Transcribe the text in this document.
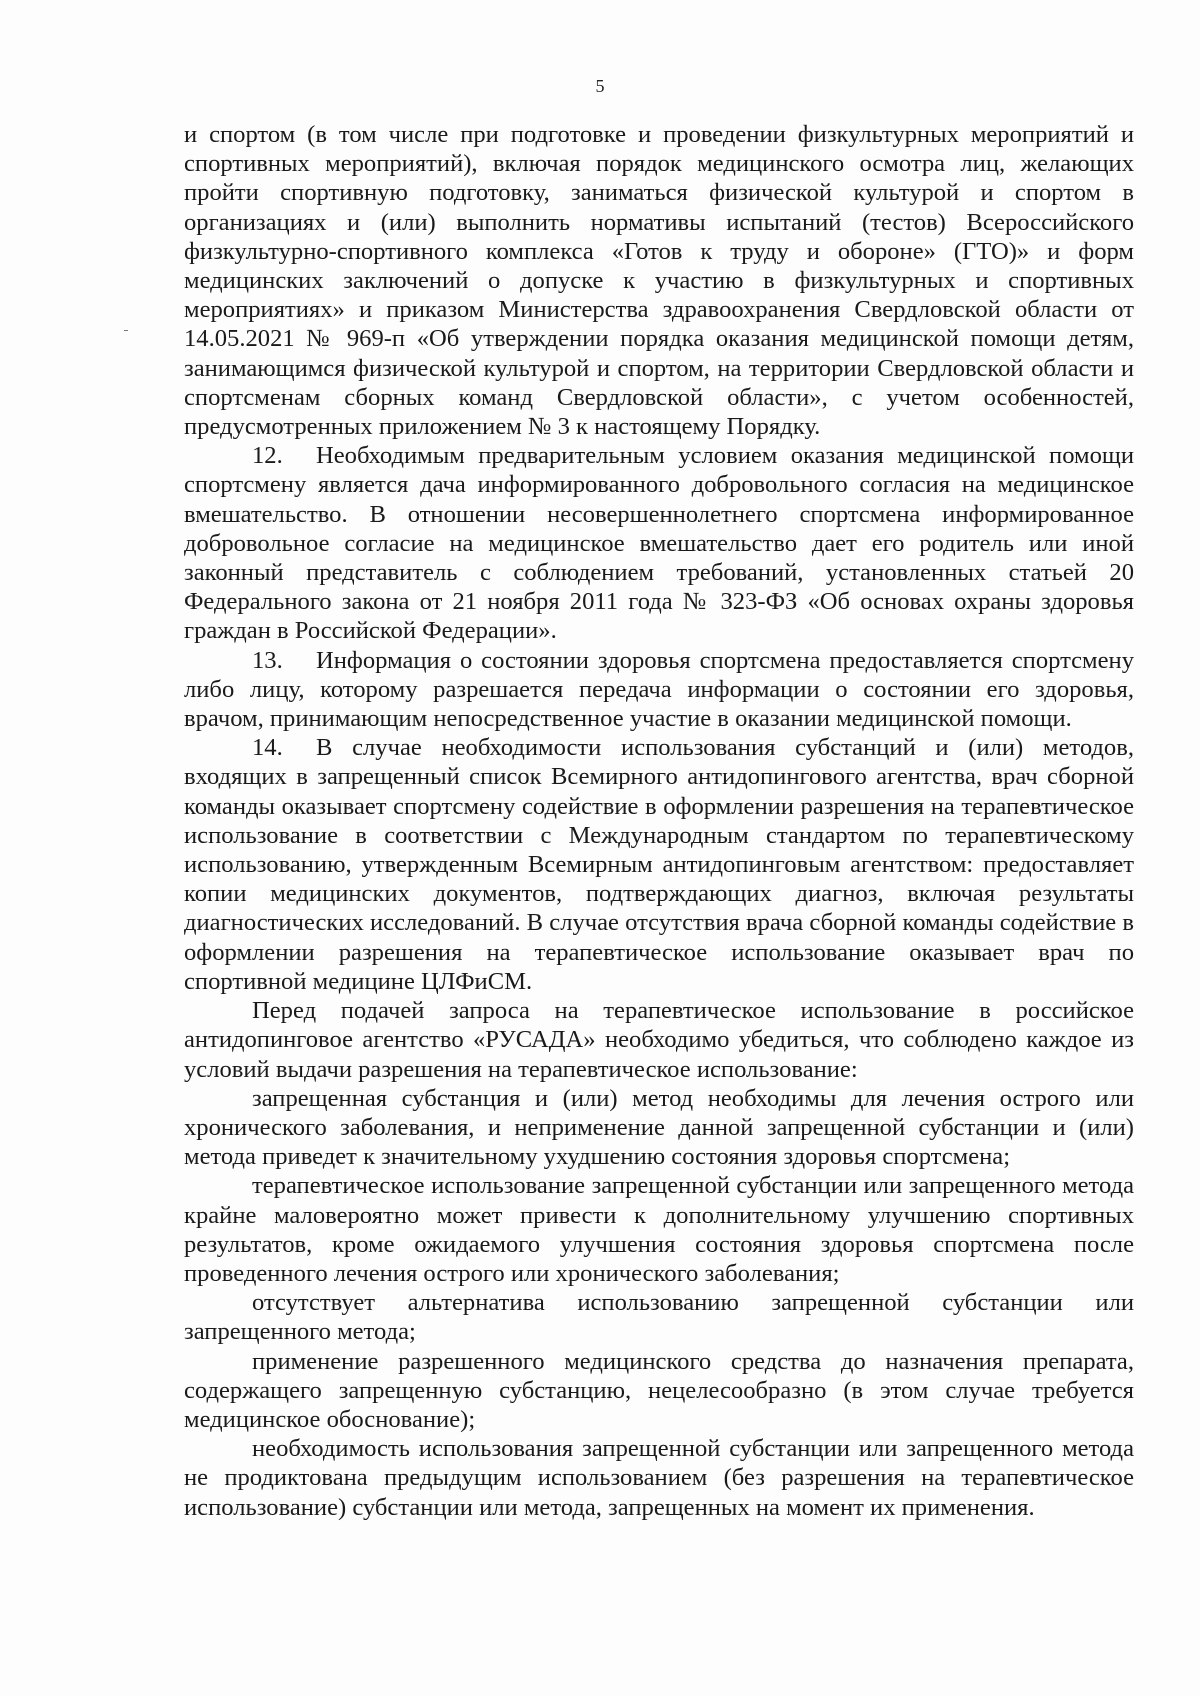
5

и спортом (в том числе при подготовке и проведении физкультурных мероприятий и спортивных мероприятий), включая порядок медицинского осмотра лиц, желающих пройти спортивную подготовку, заниматься физической культурой и спортом в организациях и (или) выполнить нормативы испытаний (тестов) Всероссийского физкультурно-спортивного комплекса «Готов к труду и обороне» (ГТО)» и форм медицинских заключений о допуске к участию в физкультурных и спортивных мероприятиях» и приказом Министерства здравоохранения Свердловской области от 14.05.2021 № 969-п «Об утверждении порядка оказания медицинской помощи детям, занимающимся физической культурой и спортом, на территории Свердловской области и спортсменам сборных команд Свердловской области», с учетом особенностей, предусмотренных приложением № 3 к настоящему Порядку.

12. Необходимым предварительным условием оказания медицинской помощи спортсмену является дача информированного добровольного согласия на медицинское вмешательство. В отношении несовершеннолетнего спортсмена информированное добровольное согласие на медицинское вмешательство дает его родитель или иной законный представитель с соблюдением требований, установленных статьей 20 Федерального закона от 21 ноября 2011 года № 323-ФЗ «Об основах охраны здоровья граждан в Российской Федерации».

13. Информация о состоянии здоровья спортсмена предоставляется спортсмену либо лицу, которому разрешается передача информации о состоянии его здоровья, врачом, принимающим непосредственное участие в оказании медицинской помощи.

14. В случае необходимости использования субстанций и (или) методов, входящих в запрещенный список Всемирного антидопингового агентства, врач сборной команды оказывает спортсмену содействие в оформлении разрешения на терапевтическое использование в соответствии с Международным стандартом по терапевтическому использованию, утвержденным Всемирным антидопинговым агентством: предоставляет копии медицинских документов, подтверждающих диагноз, включая результаты диагностических исследований. В случае отсутствия врача сборной команды содействие в оформлении разрешения на терапевтическое использование оказывает врач по спортивной медицине ЦЛФиСМ.

Перед подачей запроса на терапевтическое использование в российское антидопинговое агентство «РУСАДА» необходимо убедиться, что соблюдено каждое из условий выдачи разрешения на терапевтическое использование:

запрещенная субстанция и (или) метод необходимы для лечения острого или хронического заболевания, и неприменение данной запрещенной субстанции и (или) метода приведет к значительному ухудшению состояния здоровья спортсмена;

терапевтическое использование запрещенной субстанции или запрещенного метода крайне маловероятно может привести к дополнительному улучшению спортивных результатов, кроме ожидаемого улучшения состояния здоровья спортсмена после проведенного лечения острого или хронического заболевания;

отсутствует альтернатива использованию запрещенной субстанции или запрещенного метода;

применение разрешенного медицинского средства до назначения препарата, содержащего запрещенную субстанцию, нецелесообразно (в этом случае требуется медицинское обоснование);

необходимость использования запрещенной субстанции или запрещенного метода не продиктована предыдущим использованием (без разрешения на терапевтическое использование) субстанции или метода, запрещенных на момент их применения.
